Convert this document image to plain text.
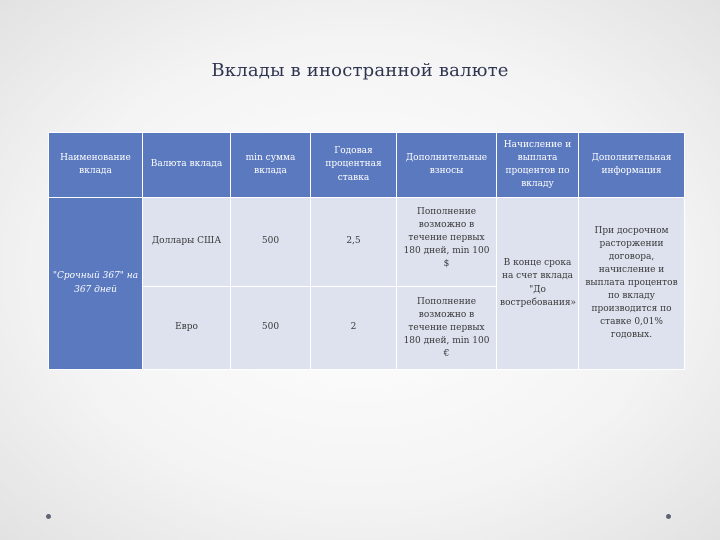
Вклады в иностранной валюте
Наименование вклада	Валюта вклада	min сумма вклада	Годовая процентная ставка	Дополнительные взносы	Начисление и выплата процентов по вкладу	Дополнительная информация
"Срочный 367" на 367 дней	Доллары США	500	2,5	Пополнение возможно в течение первых 180 дней, min 100 $	В конце срока на счет вклада "До востребования»	При досрочном расторжении договора, начисление и выплата процентов по вкладу производится по ставке 0,01% годовых.
	Евро	500	2	Пополнение возможно в течение первых 180 дней, min 100 €		
